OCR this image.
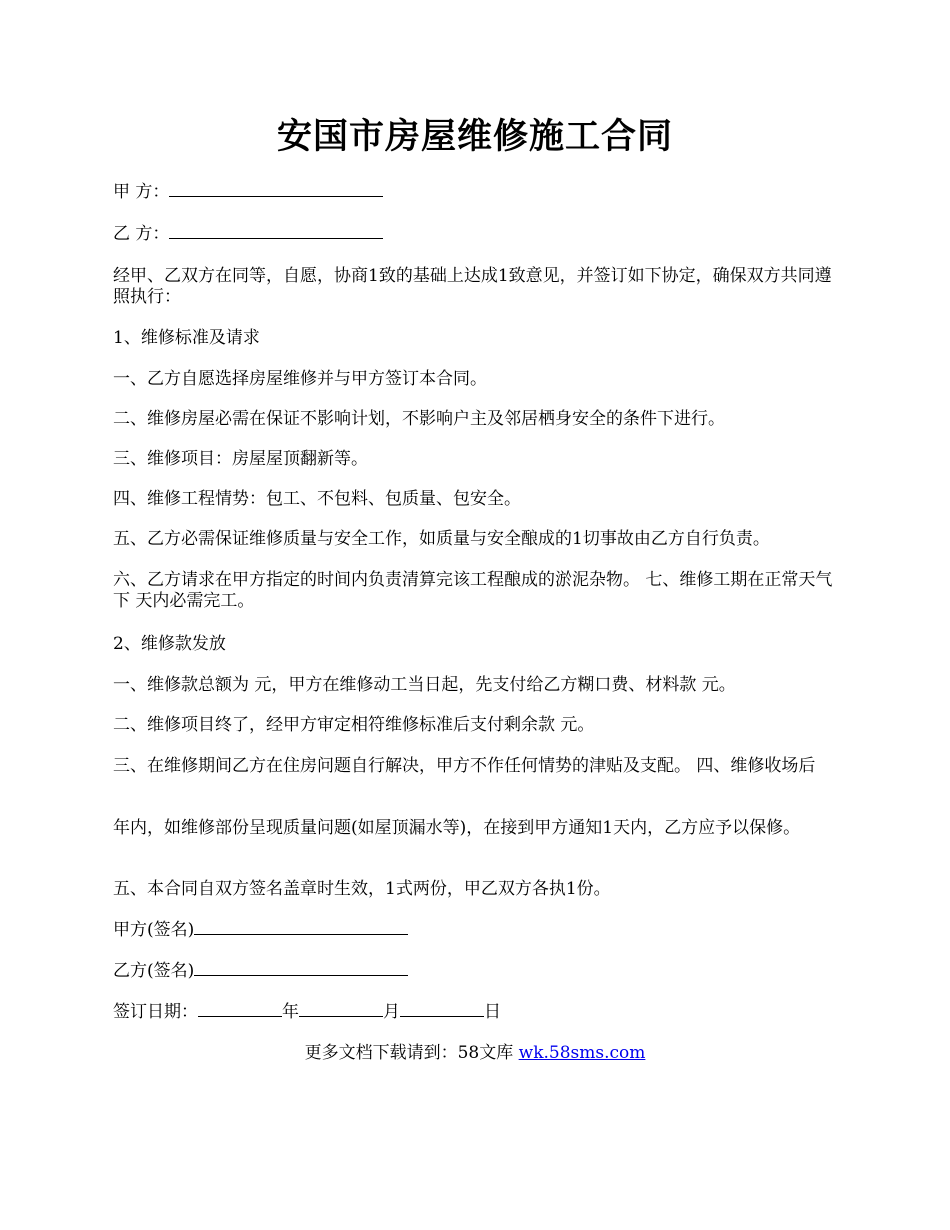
安国市房屋维修施工合同
甲 方：
乙 方：
经甲、乙双方在同等，自愿，协商1致的基础上达成1致意见，并签订如下协定，确保双方共同遵照执行：
1、维修标准及请求
一、乙方自愿选择房屋维修并与甲方签订本合同。
二、维修房屋必需在保证不影响计划，不影响户主及邻居栖身安全的条件下进行。
三、维修项目：房屋屋顶翻新等。
四、维修工程情势：包工、不包料、包质量、包安全。
五、乙方必需保证维修质量与安全工作，如质量与安全酿成的1切事故由乙方自行负责。
六、乙方请求在甲方指定的时间内负责清算完该工程酿成的淤泥杂物。 七、维修工期在正常天气下 天内必需完工。
2、维修款发放
一、维修款总额为 元，甲方在维修动工当日起，先支付给乙方糊口费、材料款 元。
二、维修项目终了，经甲方审定相符维修标准后支付剩余款 元。
三、在维修期间乙方在住房问题自行解决，甲方不作任何情势的津贴及支配。 四、维修收场后
年内，如维修部份呈现质量问题(如屋顶漏水等)，在接到甲方通知1天内，乙方应予以保修。
五、本合同自双方签名盖章时生效，1式两份，甲乙双方各执1份。
甲方(签名)
乙方(签名)
签订日期：	年	月	日
更多文档下载请到：58文库 wk.58sms.com
